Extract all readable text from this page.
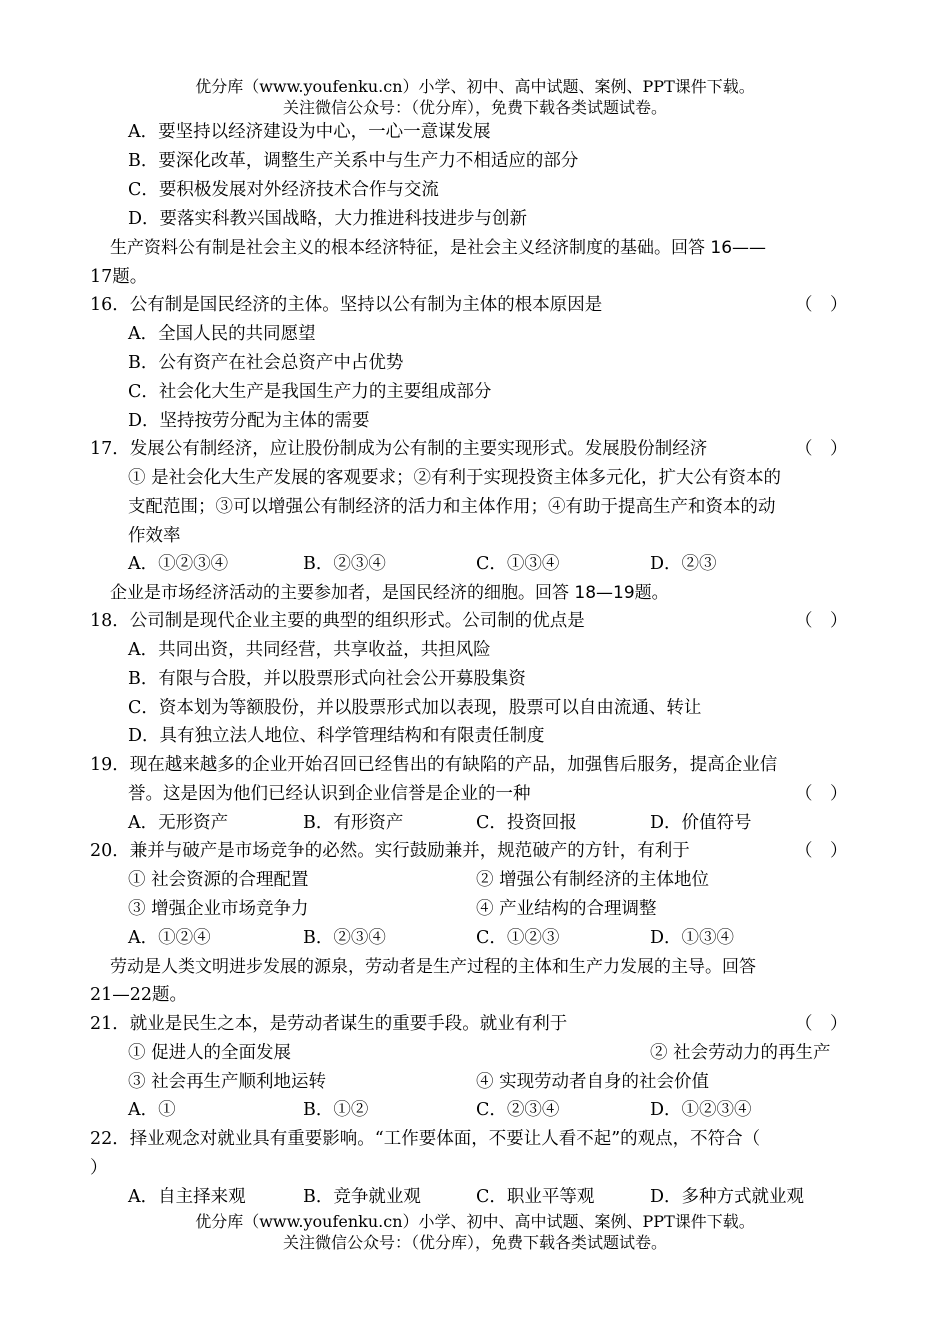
优分库（www.youfenku.cn）小学、初中、高中试题、案例、PPT课件下载。
关注微信公众号：（优分库），免费下载各类试题试卷。
A．要坚持以经济建设为中心，一心一意谋发展
B．要深化改革，调整生产关系中与生产力不相适应的部分
C．要积极发展对外经济技术合作与交流
D．要落实科教兴国战略，大力推进科技进步与创新
生产资料公有制是社会主义的根本经济特征，是社会主义经济制度的基础。回答 16——
17题。
16．公有制是国民经济的主体。坚持以公有制为主体的根本原因是	（　）
A．全国人民的共同愿望
B．公有资产在社会总资产中占优势
C．社会化大生产是我国生产力的主要组成部分
D．坚持按劳分配为主体的需要
17．发展公有制经济，应让股份制成为公有制的主要实现形式。发展股份制经济	（　）
① 是社会化大生产发展的客观要求；②有利于实现投资主体多元化，扩大公有资本的
支配范围；③可以增强公有制经济的活力和主体作用；④有助于提高生产和资本的动
作效率
A．①②③④	B．②③④	C．①③④	D．②③
企业是市场经济活动的主要参加者，是国民经济的细胞。回答 18—19题。
18．公司制是现代企业主要的典型的组织形式。公司制的优点是	（　）
A．共同出资，共同经营，共享收益，共担风险
B．有限与合股，并以股票形式向社会公开募股集资
C．资本划为等额股份，并以股票形式加以表现，股票可以自由流通、转让
D．具有独立法人地位、科学管理结构和有限责任制度
19．现在越来越多的企业开始召回已经售出的有缺陷的产品，加强售后服务，提高企业信
誉。这是因为他们已经认识到企业信誉是企业的一种	（　）
A．无形资产	B．有形资产	C．投资回报	D．价值符号
20．兼并与破产是市场竞争的必然。实行鼓励兼并，规范破产的方针，有利于	（　）
① 社会资源的合理配置	② 增强公有制经济的主体地位
③ 增强企业市场竞争力	④ 产业结构的合理调整
A．①②④	B．②③④	C．①②③	D．①③④
劳动是人类文明进步发展的源泉，劳动者是生产过程的主体和生产力发展的主导。回答
21—22题。
21．就业是民生之本，是劳动者谋生的重要手段。就业有利于	（　）
① 促进人的全面发展	② 社会劳动力的再生产
③ 社会再生产顺利地运转	④ 实现劳动者自身的社会价值
A．①	B．①②	C．②③④	D．①②③④
22．择业观念对就业具有重要影响。“工作要体面，不要让人看不起”的观点，不符合（
）
A．自主择来观	B．竞争就业观	C．职业平等观	D．多种方式就业观
优分库（www.youfenku.cn）小学、初中、高中试题、案例、PPT课件下载。
关注微信公众号：（优分库），免费下载各类试题试卷。
